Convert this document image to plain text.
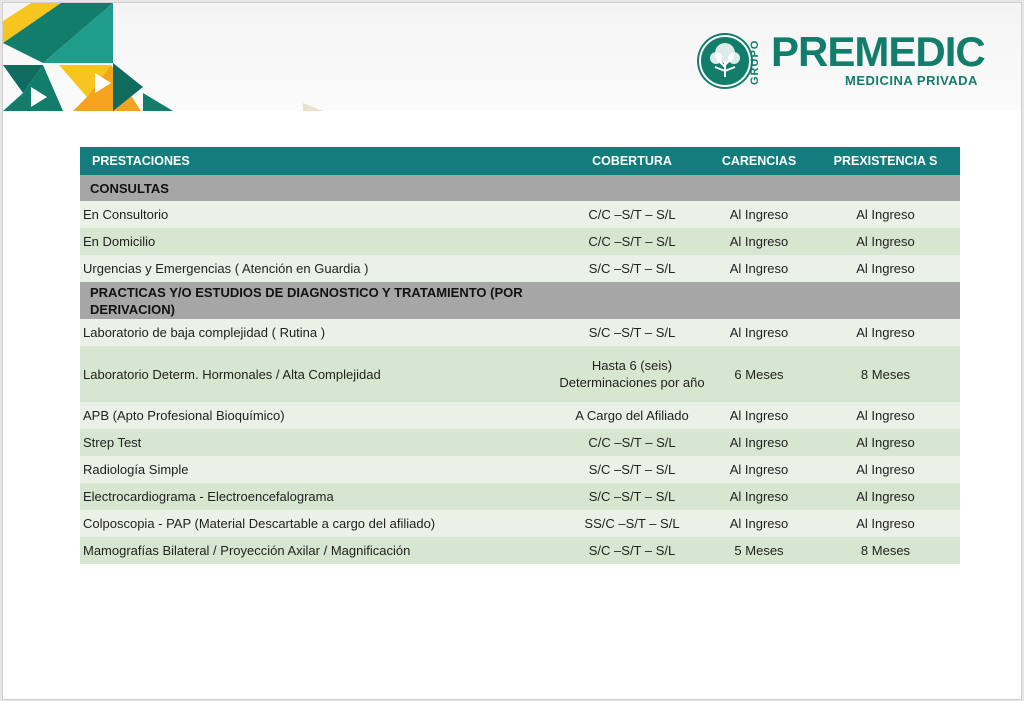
GRUPO PREMEDIC
MEDICINA PRIVADA
PRESTACIONES	COBERTURA	CARENCIAS	PREXISTENCIA S
CONSULTAS			
En Consultorio	C/C –S/T – S/L	Al Ingreso	Al Ingreso
En Domicilio	C/C –S/T – S/L	Al Ingreso	Al Ingreso
Urgencias y Emergencias ( Atención en Guardia )	S/C –S/T – S/L	Al Ingreso	Al Ingreso

PRACTICAS Y/O ESTUDIOS DE DIAGNOSTICO Y TRATAMIENTO (POR DERIVACION)			

Laboratorio de baja complejidad ( Rutina )	S/C –S/T – S/L	Al Ingreso	Al Ingreso
Laboratorio Determ. Hormonales / Alta Complejidad	Hasta 6 (seis) Determinaciones por año	6 Meses	8 Meses
APB (Apto Profesional Bioquímico)	A Cargo del Afiliado	Al Ingreso	Al Ingreso
Strep Test	C/C –S/T – S/L	Al Ingreso	Al Ingreso
Radiología Simple	S/C –S/T – S/L	Al Ingreso	Al Ingreso
Electrocardiograma - Electroencefalograma	S/C –S/T – S/L	Al Ingreso	Al Ingreso
Colposcopia - PAP (Material Descartable a cargo del afiliado)	SS/C –S/T – S/L	Al Ingreso	Al Ingreso
Mamografías Bilateral / Proyección Axilar / Magnificación	S/C –S/T – S/L	5 Meses	8 Meses
